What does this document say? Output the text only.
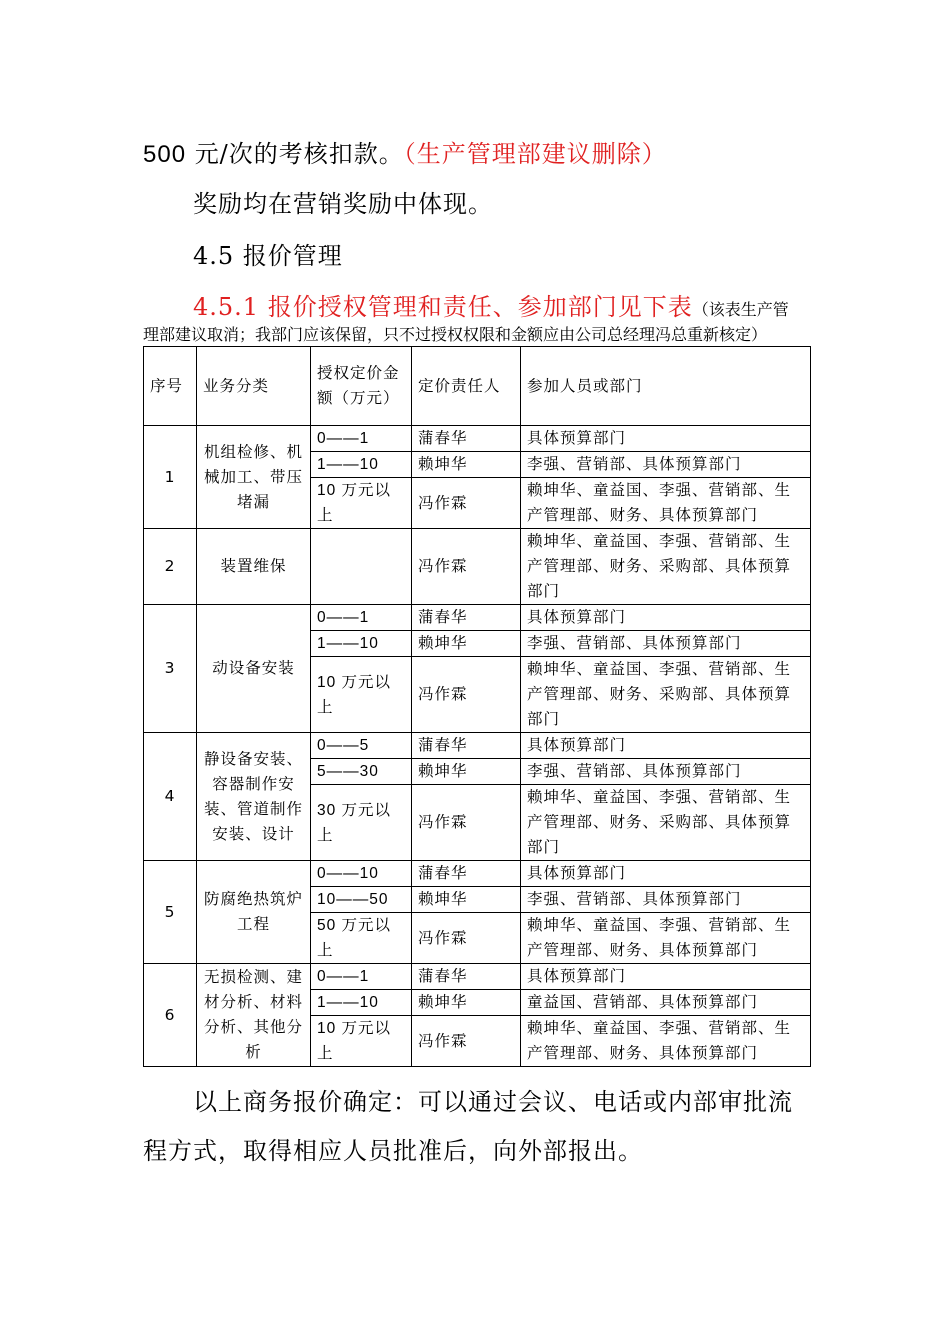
500 元/次的考核扣款。（生产管理部建议删除）
奖励均在营销奖励中体现。
4.5 报价管理
4.5.1 报价授权管理和责任、参加部门见下表（该表生产管
理部建议取消；我部门应该保留，只不过授权权限和金额应由公司总经理冯总重新核定）
序号	业务分类	授权定价金额（万元）	定价责任人	参加人员或部门
1	机组检修、机械加工、带压堵漏	0——1	蒲春华	具体预算部门
		1——10	赖坤华	李强、营销部、具体预算部门
		10 万元以上	冯作霖	赖坤华、童益国、李强、营销部、生产管理部、财务、具体预算部门
2	装置维保		冯作霖	赖坤华、童益国、李强、营销部、生产管理部、财务、采购部、具体预算部门
3	动设备安装	0——1	蒲春华	具体预算部门
		1——10	赖坤华	李强、营销部、具体预算部门
		10 万元以上	冯作霖	赖坤华、童益国、李强、营销部、生产管理部、财务、采购部、具体预算部门
4	静设备安装、容器制作安装、管道制作安装、设计	0——5	蒲春华	具体预算部门
		5——30	赖坤华	李强、营销部、具体预算部门
		30 万元以上	冯作霖	赖坤华、童益国、李强、营销部、生产管理部、财务、采购部、具体预算部门
5	防腐绝热筑炉工程	0——10	蒲春华	具体预算部门
		10——50	赖坤华	李强、营销部、具体预算部门
		50 万元以上	冯作霖	赖坤华、童益国、李强、营销部、生产管理部、财务、具体预算部门
6	无损检测、建材分析、材料分析、其他分析	0——1	蒲春华	具体预算部门
		1——10	赖坤华	童益国、营销部、具体预算部门
		10 万元以上	冯作霖	赖坤华、童益国、李强、营销部、生产管理部、财务、具体预算部门
以上商务报价确定：可以通过会议、电话或内部审批流
程方式，取得相应人员批准后，向外部报出。
